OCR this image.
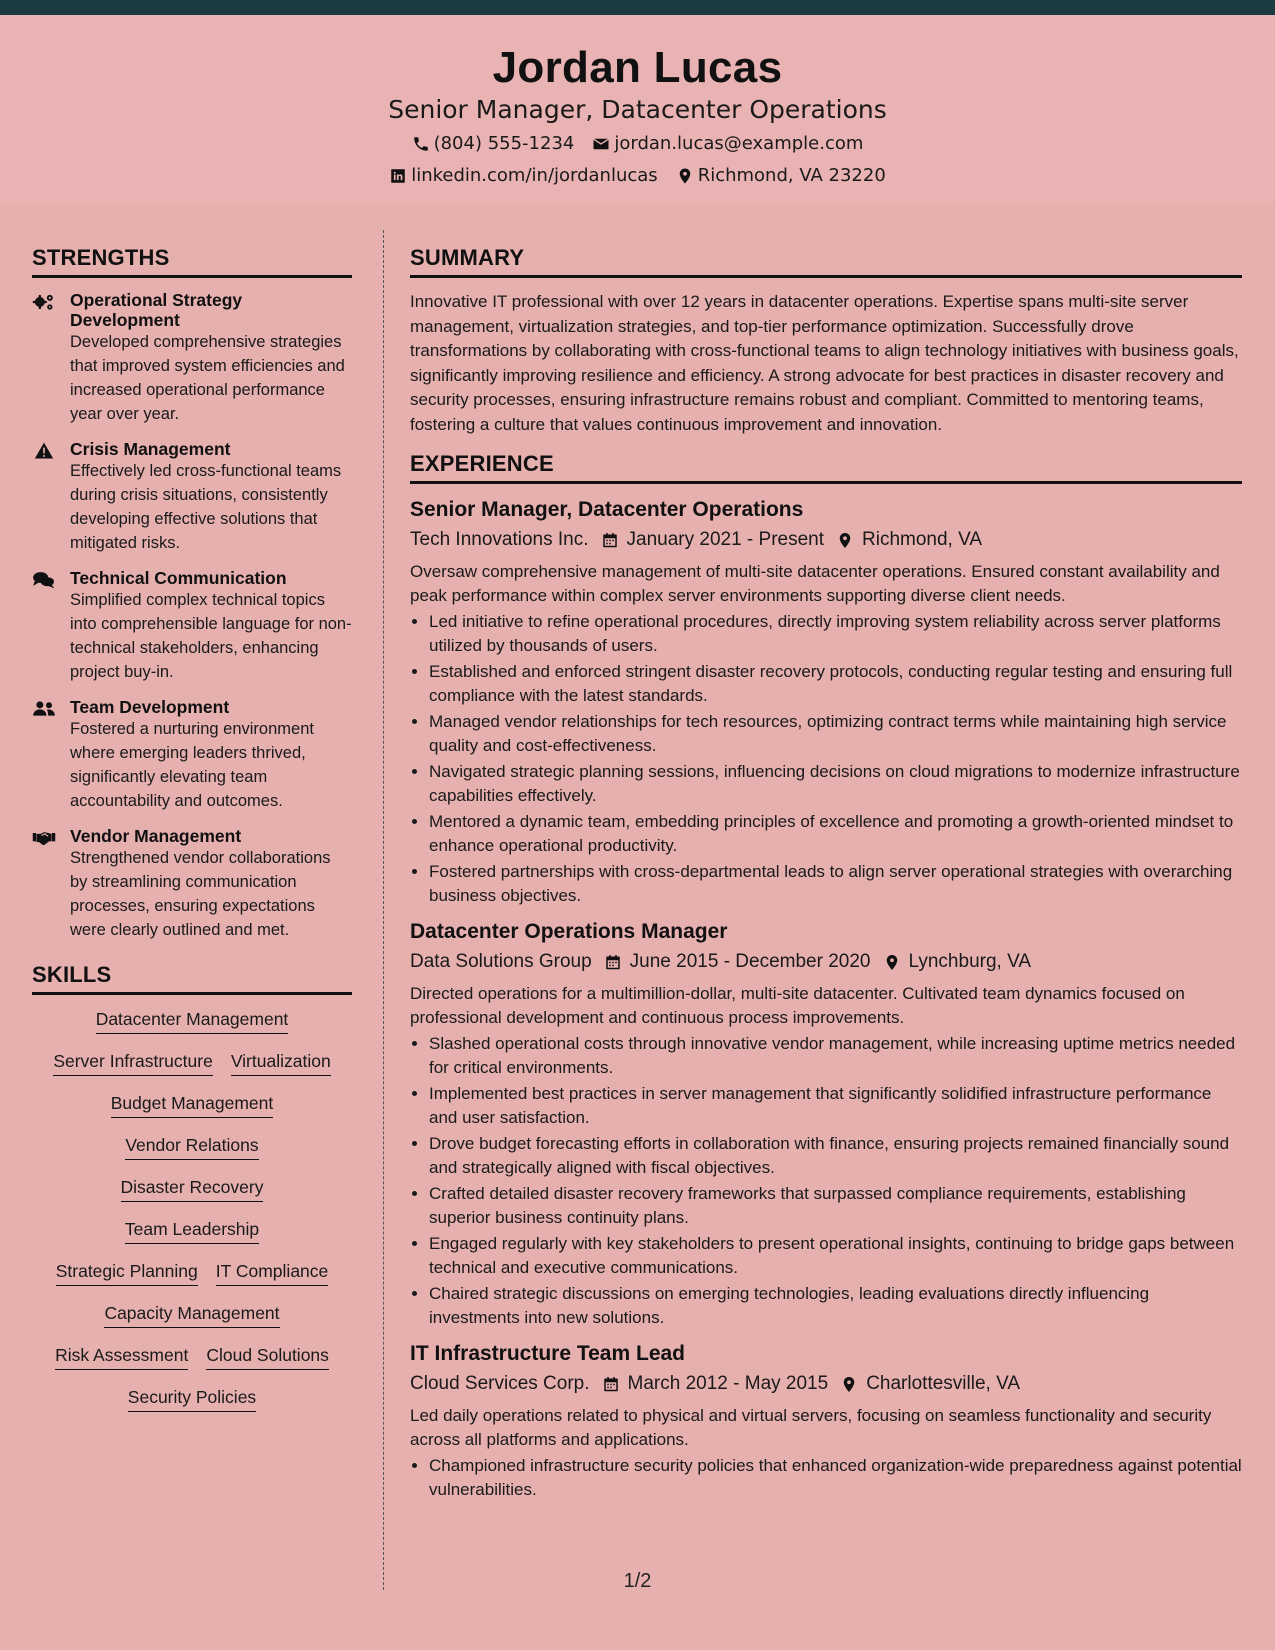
Jordan Lucas
Senior Manager, Datacenter Operations
(804) 555-1234 jordan.lucas@example.com
linkedin.com/in/jordanlucas Richmond, VA 23220
STRENGTHS
Operational Strategy Development

Developed comprehensive strategies that improved system efficiencies and increased operational performance year over year.

Crisis Management

Effectively led cross-functional teams during crisis situations, consistently developing effective solutions that mitigated risks.

Technical Communication

Simplified complex technical topics into comprehensible language for non-technical stakeholders, enhancing project buy-in.

Team Development

Fostered a nurturing environment where emerging leaders thrived, significantly elevating team accountability and outcomes.

Vendor Management

Strengthened vendor collaborations by streamlining communication processes, ensuring expectations were clearly outlined and met.

SKILLS
Datacenter Management
Server Infrastructure Virtualization
Budget Management
Vendor Relations
Disaster Recovery
Team Leadership
Strategic Planning IT Compliance
Capacity Management
Risk Assessment Cloud Solutions
Security Policies
SUMMARY

Innovative IT professional with over 12 years in datacenter operations. Expertise spans multi-site server management, virtualization strategies, and top-tier performance optimization. Successfully drove transformations by collaborating with cross-functional teams to align technology initiatives with business goals, significantly improving resilience and efficiency. A strong advocate for best practices in disaster recovery and security processes, ensuring infrastructure remains robust and compliant. Committed to mentoring teams, fostering a culture that values continuous improvement and innovation.

EXPERIENCE
Senior Manager, Datacenter Operations
Tech Innovations Inc. January 2021 - Present Richmond, VA

Oversaw comprehensive management of multi-site datacenter operations. Ensured constant availability and peak performance within complex server environments supporting diverse client needs.

• Led initiative to refine operational procedures, directly improving system reliability across server platforms utilized by thousands of users.
• Established and enforced stringent disaster recovery protocols, conducting regular testing and ensuring full compliance with the latest standards.
• Managed vendor relationships for tech resources, optimizing contract terms while maintaining high service quality and cost-effectiveness.
• Navigated strategic planning sessions, influencing decisions on cloud migrations to modernize infrastructure capabilities effectively.
• Mentored a dynamic team, embedding principles of excellence and promoting a growth-oriented mindset to enhance operational productivity.
• Fostered partnerships with cross-departmental leads to align server operational strategies with overarching business objectives.
Datacenter Operations Manager
Data Solutions Group June 2015 - December 2020 Lynchburg, VA

Directed operations for a multimillion-dollar, multi-site datacenter. Cultivated team dynamics focused on professional development and continuous process improvements.

• Slashed operational costs through innovative vendor management, while increasing uptime metrics needed for critical environments.
• Implemented best practices in server management that significantly solidified infrastructure performance and user satisfaction.
• Drove budget forecasting efforts in collaboration with finance, ensuring projects remained financially sound and strategically aligned with fiscal objectives.
• Crafted detailed disaster recovery frameworks that surpassed compliance requirements, establishing superior business continuity plans.
• Engaged regularly with key stakeholders to present operational insights, continuing to bridge gaps between technical and executive communications.
• Chaired strategic discussions on emerging technologies, leading evaluations directly influencing investments into new solutions.
IT Infrastructure Team Lead
Cloud Services Corp. March 2012 - May 2015 Charlottesville, VA

Led daily operations related to physical and virtual servers, focusing on seamless functionality and security across all platforms and applications.

• Championed infrastructure security policies that enhanced organization-wide preparedness against potential vulnerabilities.
1/2
